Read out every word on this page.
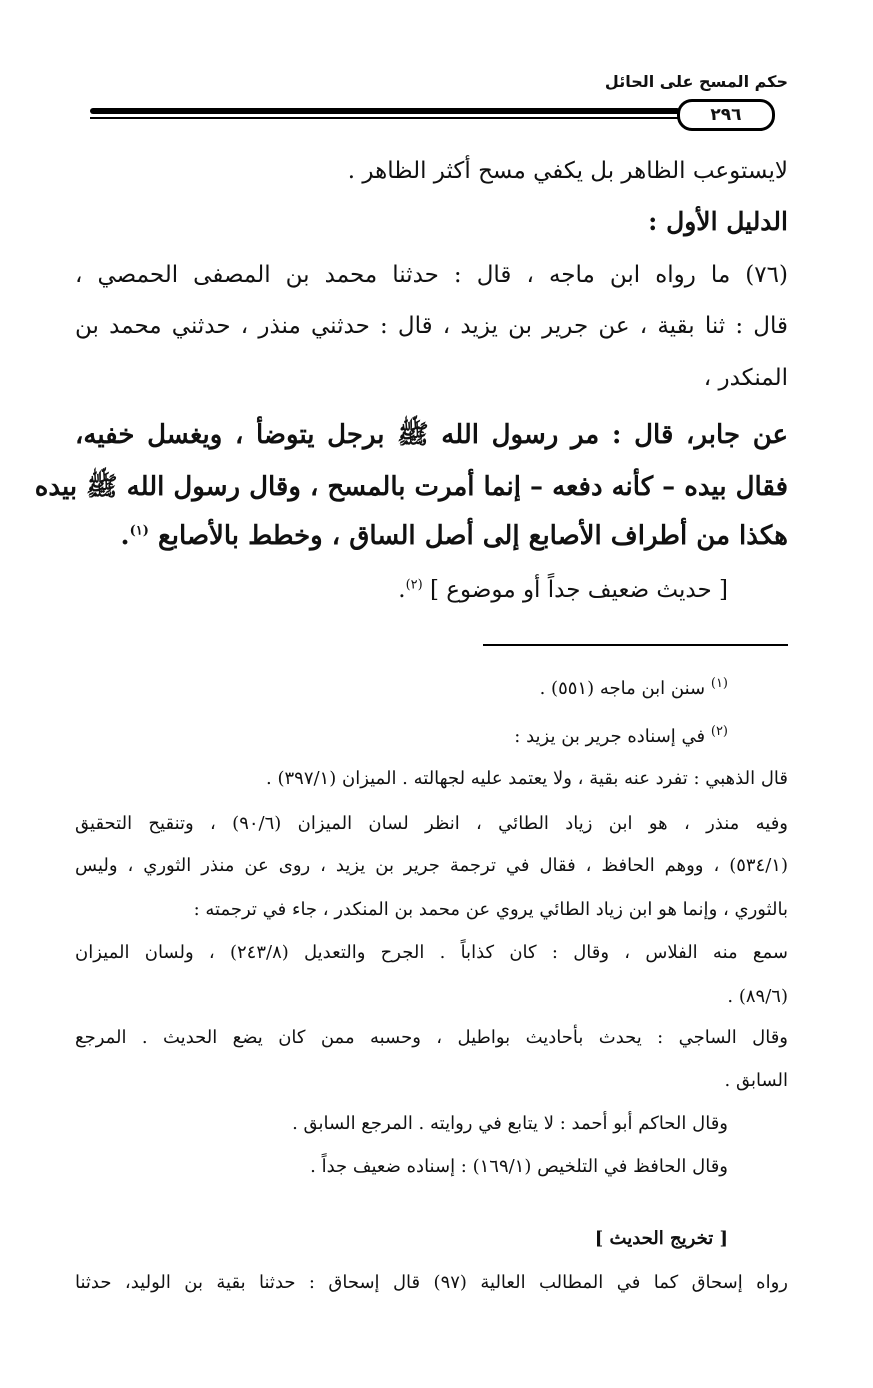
حكم المسح على الحائل
٢٩٦
لايستوعب الظاهر بل يكفي مسح أكثر الظاهر .
الدليل الأول :
(٧٦) ما رواه ابن ماجه ، قال : حدثنا محمد بن المصفى الحمصي ،
قال : ثنا بقية ، عن جرير بن يزيد ، قال : حدثني منذر ، حدثني محمد بن
المنكدر ،
عن جابر، قال : مر رسول الله ﷺ برجل يتوضأ ، ويغسل خفيه،
فقال بيده – كأنه دفعه – إنما أمرت بالمسح ، وقال رسول الله ﷺ بيده
هكذا من أطراف الأصابع إلى أصل الساق ، وخطط بالأصابع $^{(١)}$.
[ حديث ضعيف جداً أو موضوع ] $^{(٢)}$.
$^{(١)}$ سنن ابن ماجه (٥٥١) .
$^{(٢)}$ في إسناده جرير بن يزيد :
قال الذهبي : تفرد عنه بقية ، ولا يعتمد عليه لجهالته . الميزان (٣٩٧/١) .
وفيه منذر ، هو ابن زياد الطائي ، انظر لسان الميزان (٩٠/٦) ، وتنقيح التحقيق
(٥٣٤/١) ، ووهم الحافظ ، فقال في ترجمة جرير بن يزيد ، روى عن منذر الثوري ، وليس
بالثوري ، وإنما هو ابن زياد الطائي يروي عن محمد بن المنكدر ، جاء في ترجمته :
سمع منه الفلاس ، وقال : كان كذاباً . الجرح والتعديل (٢٤٣/٨) ، ولسان الميزان
(٨٩/٦) .
وقال الساجي : يحدث بأحاديث بواطيل ، وحسبه ممن كان يضع الحديث . المرجع
السابق .
وقال الحاكم أبو أحمد : لا يتابع في روايته . المرجع السابق .
وقال الحافظ في التلخيص (١٦٩/١) : إسناده ضعيف جداً .
[ تخريج الحديث ]
رواه إسحاق كما في المطالب العالية (٩٧) قال إسحاق : حدثنا بقية بن الوليد، حدثنا
